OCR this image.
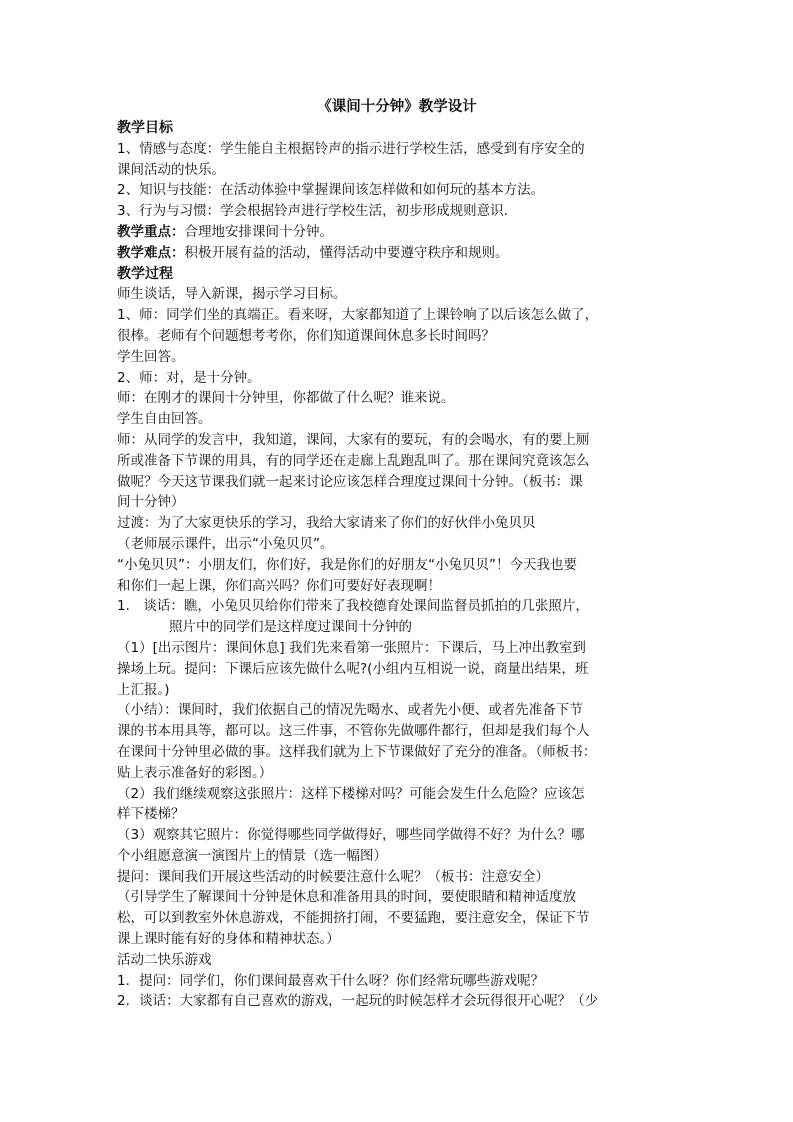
《课间十分钟》教学设计
教学目标
1、情感与态度：学生能自主根据铃声的指示进行学校生活，感受到有序安全的
课间活动的快乐。
2、知识与技能：在活动体验中掌握课间该怎样做和如何玩的基本方法。
3、行为与习惯：学会根据铃声进行学校生活，初步形成规则意识.
教学重点：合理地安排课间十分钟。
教学难点：积极开展有益的活动，懂得活动中要遵守秩序和规则。
教学过程
师生谈话，导入新课，揭示学习目标。
1、师：同学们坐的真端正。看来呀，大家都知道了上课铃响了以后该怎么做了，
很棒。老师有个问题想考考你，你们知道课间休息多长时间吗？
学生回答。
2、师：对，是十分钟。
师：在刚才的课间十分钟里，你都做了什么呢？谁来说。
学生自由回答。
师：从同学的发言中，我知道，课间，大家有的要玩，有的会喝水，有的要上厕
所或准备下节课的用具，有的同学还在走廊上乱跑乱叫了。那在课间究竟该怎么
做呢？今天这节课我们就一起来讨论应该怎样合理度过课间十分钟。（板书：课
间十分钟）
过渡：为了大家更快乐的学习，我给大家请来了你们的好伙伴小兔贝贝
（老师展示课件，出示“小兔贝贝”。
“小兔贝贝”：小朋友们，你们好，我是你们的好朋友“小兔贝贝”！今天我也要
和你们一起上课，你们高兴吗？你们可要好好表现啊！
1． 谈话：瞧，小兔贝贝给你们带来了我校德育处课间监督员抓拍的几张照片，
照片中的同学们是这样度过课间十分钟的
（1）[出示图片：课间休息] 我们先来看第一张照片：下课后，马上冲出教室到
操场上玩。提问：下课后应该先做什么呢?(小组内互相说一说，商量出结果，班
上汇报。)
（小结）：课间时，我们依据自己的情况先喝水、或者先小便、或者先准备下节
课的书本用具等，都可以。这三件事，不管你先做哪件都行，但却是我们每个人
在课间十分钟里必做的事。这样我们就为上下节课做好了充分的准备。（师板书：
贴上表示准备好的彩图。）
（2）我们继续观察这张照片：这样下楼梯对吗？可能会发生什么危险？应该怎
样下楼梯？
（3）观察其它照片：你觉得哪些同学做得好，哪些同学做得不好？为什么？哪
个小组愿意演一演图片上的情景（选一幅图）
提问：课间我们开展这些活动的时候要注意什么呢？（板书：注意安全）
（引导学生了解课间十分钟是休息和准备用具的时间，要使眼睛和精神适度放
松，可以到教室外休息游戏，不能拥挤打闹，不要猛跑，要注意安全，保证下节
课上课时能有好的身体和精神状态。）
活动二快乐游戏
1．提问：同学们，你们课间最喜欢干什么呀？你们经常玩哪些游戏呢？
2．谈话：大家都有自己喜欢的游戏，一起玩的时候怎样才会玩得很开心呢？（少
